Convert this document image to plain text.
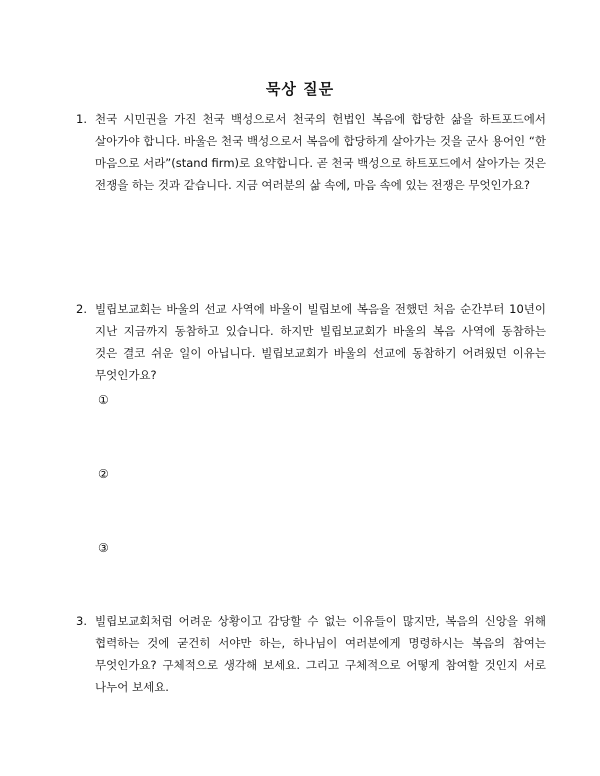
묵상 질문
1. 천국 시민권을 가진 천국 백성으로서 천국의 헌법인 복음에 합당한 삶을 하트포드에서 살아가야 합니다. 바울은 천국 백성으로서 복음에 합당하게 살아가는 것을 군사 용어인 “한 마음으로 서라”(stand firm)로 요약합니다. 곧 천국 백성으로 하트포드에서 살아가는 것은 전쟁을 하는 것과 같습니다. 지금 여러분의 삶 속에, 마음 속에 있는 전쟁은 무엇인가요?
2. 빌립보교회는 바울의 선교 사역에 바울이 빌립보에 복음을 전했던 처음 순간부터 10년이 지난 지금까지 동참하고 있습니다. 하지만 빌립보교회가 바울의 복음 사역에 동참하는 것은 결코 쉬운 일이 아닙니다. 빌립보교회가 바울의 선교에 동참하기 어려웠던 이유는 무엇인가요?
①
②
③
3. 빌립보교회처럼 어려운 상황이고 감당할 수 없는 이유들이 많지만, 복음의 신앙을 위해 협력하는 것에 굳건히 서야만 하는, 하나님이 여러분에게 명령하시는 복음의 참여는 무엇인가요? 구체적으로 생각해 보세요. 그리고 구체적으로 어떻게 참여할 것인지 서로 나누어 보세요.
